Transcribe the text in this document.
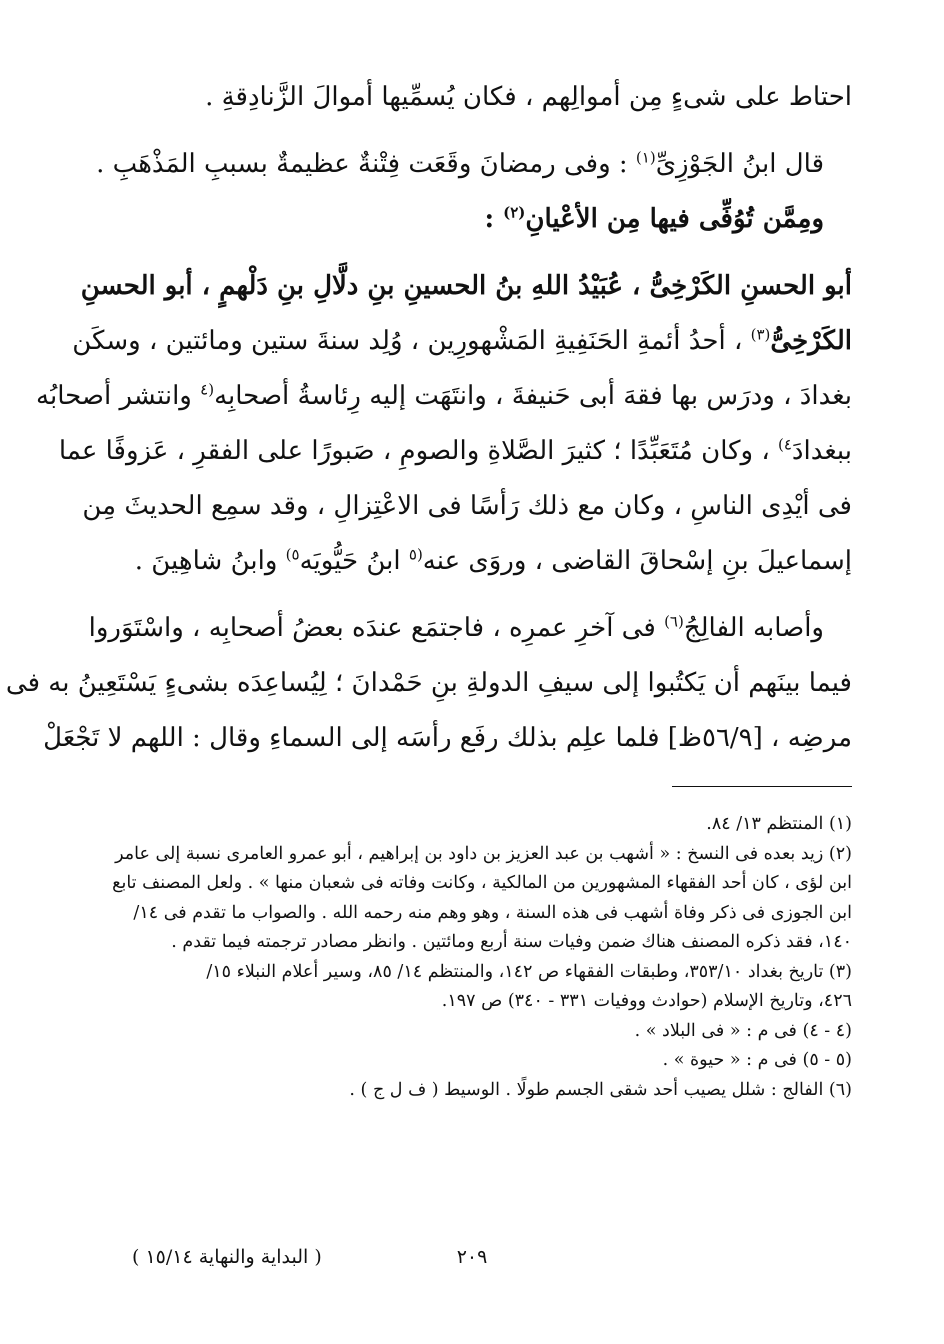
احتاط على شىءٍ مِن أموالِهم ، فكان يُسمِّيها أموالَ الزَّنادِقةِ .

قال ابنُ الجَوْزِىِّ$^{(١)}$ : وفى رمضانَ وقَعَت فِتْنةٌ عظيمةٌ بسببِ المَذْهَبِ .

ومِمَّن تُوُفِّى فيها مِن الأعْيانِ$^{(٢)}$ :

أبو الحسنِ الكَرْخِىُّ ، عُبَيْدُ اللهِ بنُ الحسينِ بنِ دلَّالِ بنِ دَلْهمٍ ، أبو الحسنِ

الكَرْخِىُّ$^{(٣)}$ ، أحدُ أئمةِ الحَنَفِيةِ المَشْهورِين ، وُلِد سنةَ ستين ومائتين ، وسكَن

بغدادَ ، ودرَس بها فقهَ أبى حَنيفةَ ، وانتَهَت إليه رِئاسةُ أصحابِه$^{(٤}$ وانتشر أصحابُه

ببغدادَ$^{٤)}$ ، وكان مُتَعَبِّدًا ؛ كثيرَ الصَّلاةِ والصومِ ، صَبورًا على الفقرِ ، عَزوفًا عما

فى أيْدِى الناسِ ، وكان مع ذلك رَأسًا فى الاعْتِزالِ ، وقد سمِع الحديثَ مِن

إسماعيلَ بنِ إسْحاقَ القاضى ، وروَى عنه$^{(٥}$ ابنُ حَيُّويَه$^{٥)}$ وابنُ شاهِينَ .

وأصابه الفالِجُ$^{(٦)}$ فى آخرِ عمرِه ، فاجتمَع عندَه بعضُ أصحابِه ، واسْتَوَروا

فيما بينَهم أن يَكتُبوا إلى سيفِ الدولةِ بنِ حَمْدانَ ؛ لِيُساعِدَه بشىءٍ يَسْتَعِينُ به فى

مرضِه ، [٥٦/٩ظ] فلما علِم بذلك رفَع رأسَه إلى السماءِ وقال : اللهم لا تَجْعَلْ

(١) المنتظم ١٣/ ٨٤.

(٢) زيد بعده فى النسخ : « أشهب بن عبد العزيز بن داود بن إبراهيم ، أبو عمرو العامرى نسبة إلى عامر

ابن لؤى ، كان أحد الفقهاء المشهورين من المالكية ، وكانت وفاته فى شعبان منها » . ولعل المصنف تابع

ابن الجوزى فى ذكر وفاة أشهب فى هذه السنة ، وهو وهم منه رحمه الله . والصواب ما تقدم فى ١٤/

١٤٠، فقد ذكره المصنف هناك ضمن وفيات سنة أربع ومائتين . وانظر مصادر ترجمته فيما تقدم .

(٣) تاريخ بغداد ٣٥٣/١٠، وطبقات الفقهاء ص ١٤٢، والمنتظم ١٤/ ٨٥، وسير أعلام النبلاء ١٥/

٤٢٦، وتاريخ الإسلام (حوادث ووفيات ٣٣١ - ٣٤٠) ص ١٩٧.

(٤ - ٤) فى م : « فى البلاد » .

(٥ - ٥) فى م : « حيوة » .

(٦) الفالج : شلل يصيب أحد شقى الجسم طولًا . الوسيط ( ف ل ج ) .

٢٠٩
( البداية والنهاية ١٥/١٤ )
